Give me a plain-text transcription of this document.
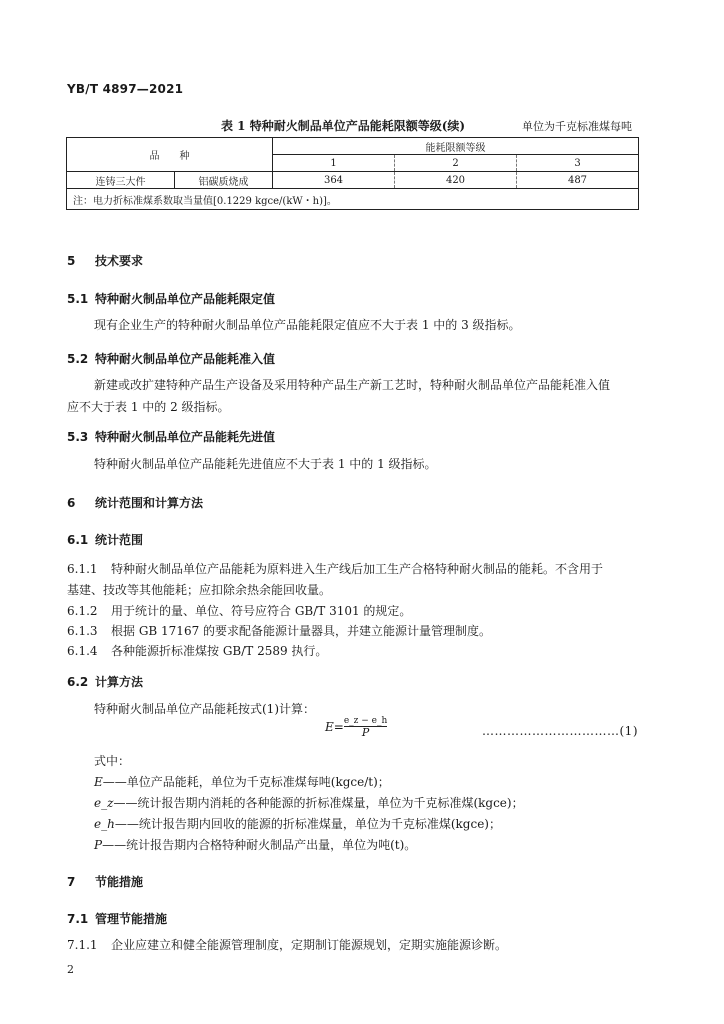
YB/T 4897—2021
表 1 特种耐火制品单位产品能耗限额等级(续)	单位为千克标准煤每吨
品　　种		能耗限额等级		
		1	2	3
连铸三大件	铝碳质烧成	364	420	487
注：电力折标准煤系数取当量值[0.1229 kgce/(kW・h)]。				
5 技术要求
5.1 特种耐火制品单位产品能耗限定值
现有企业生产的特种耐火制品单位产品能耗限定值应不大于表 1 中的 3 级指标。
5.2 特种耐火制品单位产品能耗准入值
新建或改扩建特种产品生产设备及采用特种产品生产新工艺时，特种耐火制品单位产品能耗准入值
应不大于表 1 中的 2 级指标。
5.3 特种耐火制品单位产品能耗先进值
特种耐火制品单位产品能耗先进值应不大于表 1 中的 1 级指标。
6 统计范围和计算方法
6.1 统计范围
6.1.1 特种耐火制品单位产品能耗为原料进入生产线后加工生产合格特种耐火制品的能耗。不含用于
基建、技改等其他能耗；应扣除余热余能回收量。
6.1.2 用于统计的量、单位、符号应符合 GB/T 3101 的规定。
6.1.3 根据 GB 17167 的要求配备能源计量器具，并建立能源计量管理制度。
6.1.4 各种能源折标准煤按 GB/T 2589 执行。
6.2 计算方法
特种耐火制品单位产品能耗按式(1)计算：
$E= \frac{e\_z - e\_h}{P}$	……………………………(1)
式中：
E——单位产品能耗，单位为千克标准煤每吨(kgce/t)；
e_z——统计报告期内消耗的各种能源的折标准煤量，单位为千克标准煤(kgce)；
e_h——统计报告期内回收的能源的折标准煤量，单位为千克标准煤(kgce)；
P——统计报告期内合格特种耐火制品产出量，单位为吨(t)。
7 节能措施
7.1 管理节能措施
7.1.1 企业应建立和健全能源管理制度，定期制订能源规划，定期实施能源诊断。
2
